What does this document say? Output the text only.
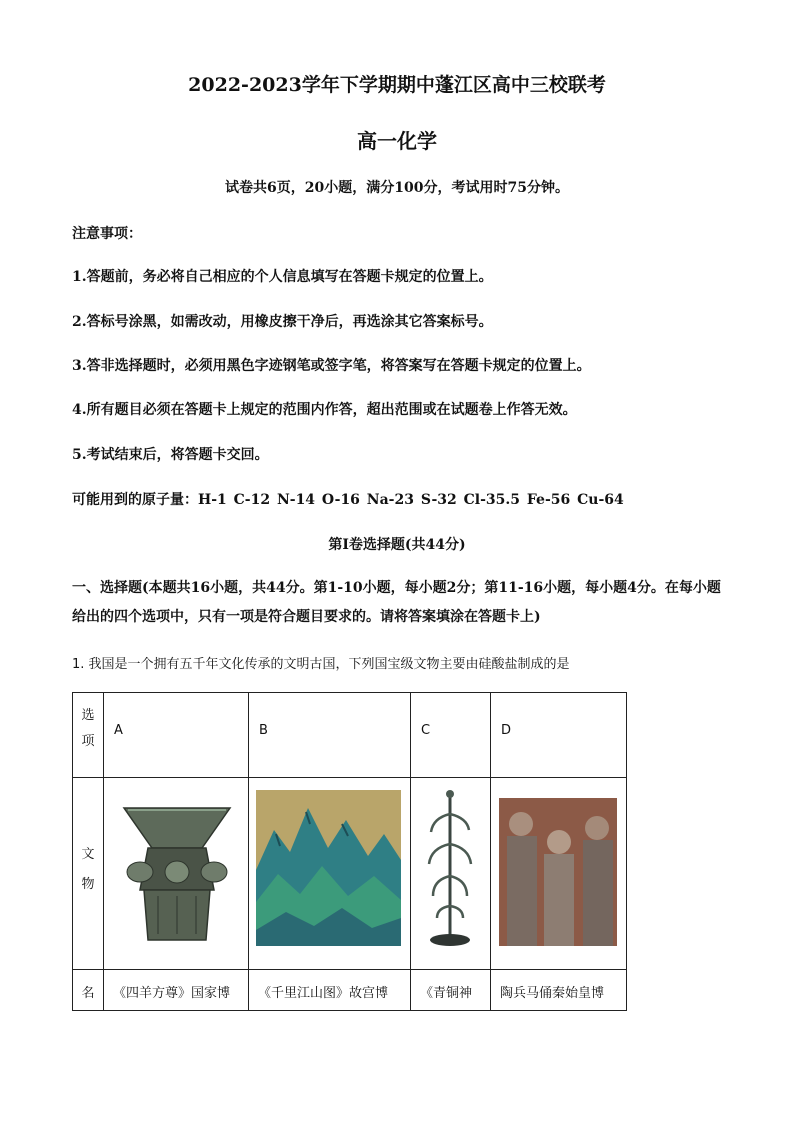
2022-2023学年下学期期中蓬江区高中三校联考
高一化学
试卷共6页，20小题，满分100分，考试用时75分钟。
注意事项：
1.答题前，务必将自己相应的个人信息填写在答题卡规定的位置上。
2.答标号涂黑，如需改动，用橡皮擦干净后，再选涂其它答案标号。
3.答非选择题时，必须用黑色字迹钢笔或签字笔，将答案写在答题卡规定的位置上。
4.所有题目必须在答题卡上规定的范围内作答，超出范围或在试题卷上作答无效。
5.考试结束后，将答题卡交回。
可能用到的原子量：H-1 C-12 N-14 O-16 Na-23 S-32 Cl-35.5 Fe-56 Cu-64
第I卷选择题(共44分)
一、选择题(本题共16小题，共44分。第1-10小题，每小题2分；第11-16小题，每小题4分。在每小题给出的四个选项中，只有一项是符合题目要求的。请将答案填涂在答题卡上)
1. 我国是一个拥有五千年文化传承的文明古国，下列国宝级文物主要由硅酸盐制成的是
选
项	A	B	C	D

文
物

名	《四羊方尊》国家博	《千里江山图》故宫博	《青铜神	陶兵马俑秦始皇博
